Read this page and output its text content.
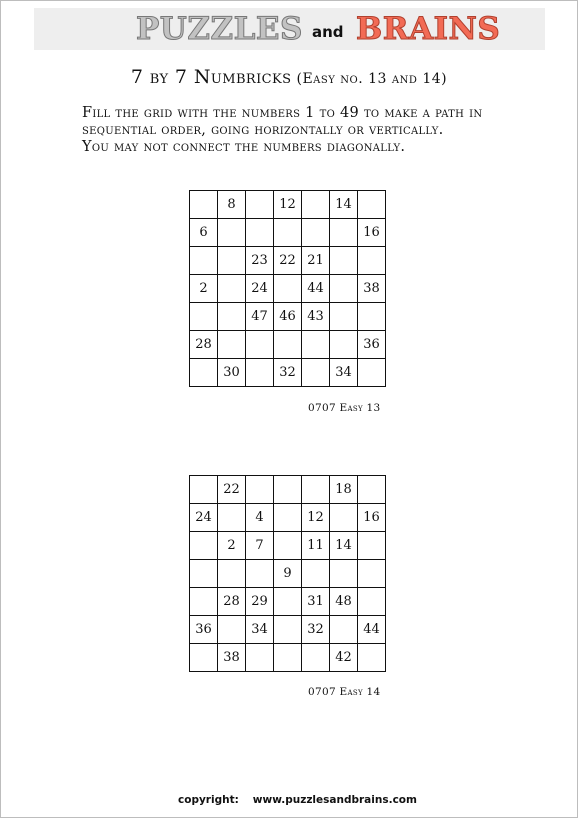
PUZZLES and BRAINS
7 by 7 Numbricks (Easy no. 13 and 14)
Fill the grid with the numbers 1 to 49 to make a path in
sequential order, going horizontally or vertically.
You may not connect the numbers diagonally.
	8		12		14	
6						16
		23	22	21		
2		24		44		38
		47	46	43		
28						36
	30		32		34	
0707 Easy 13
	22				18	
24		4		12		16
	2	7		11	14	
			9			
	28	29		31	48	
36		34		32		44
	38				42	
0707 Easy 14
copyright: www.puzzlesandbrains.com
